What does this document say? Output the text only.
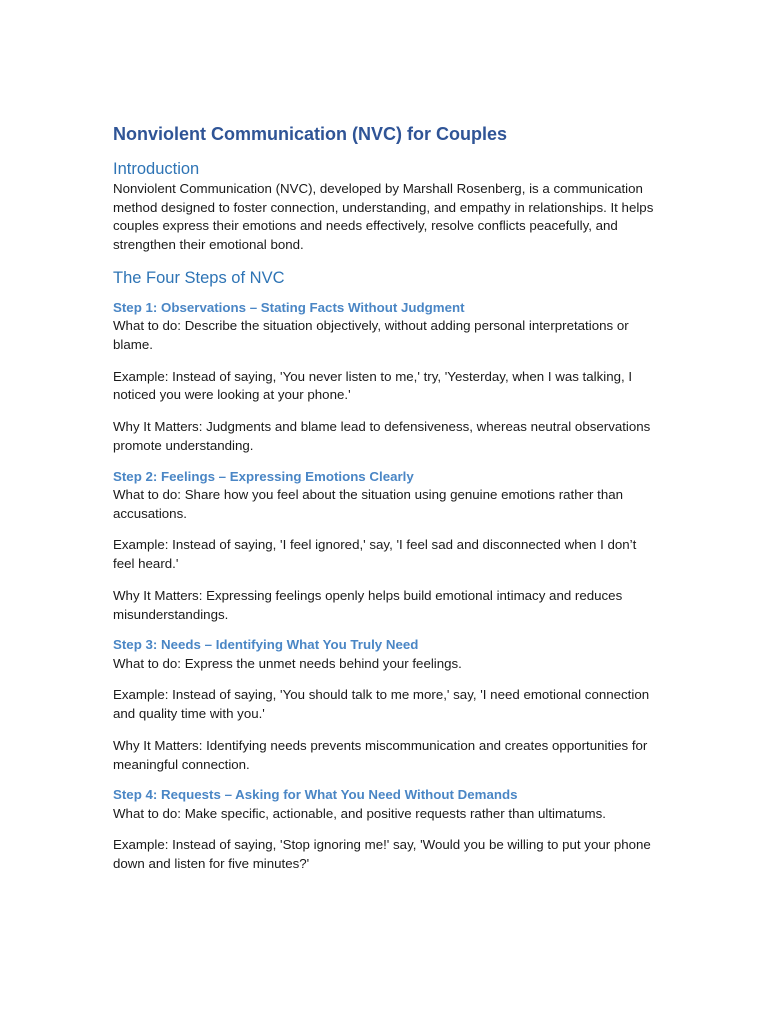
Nonviolent Communication (NVC) for Couples
Introduction

Nonviolent Communication (NVC), developed by Marshall Rosenberg, is a communication method designed to foster connection, understanding, and empathy in relationships. It helps couples express their emotions and needs effectively, resolve conflicts peacefully, and strengthen their emotional bond.

The Four Steps of NVC
Step 1: Observations – Stating Facts Without Judgment

What to do: Describe the situation objectively, without adding personal interpretations or blame.

Example: Instead of saying, 'You never listen to me,' try, 'Yesterday, when I was talking, I noticed you were looking at your phone.'

Why It Matters: Judgments and blame lead to defensiveness, whereas neutral observations promote understanding.

Step 2: Feelings – Expressing Emotions Clearly

What to do: Share how you feel about the situation using genuine emotions rather than accusations.

Example: Instead of saying, 'I feel ignored,' say, 'I feel sad and disconnected when I don’t feel heard.'

Why It Matters: Expressing feelings openly helps build emotional intimacy and reduces misunderstandings.

Step 3: Needs – Identifying What You Truly Need

What to do: Express the unmet needs behind your feelings.

Example: Instead of saying, 'You should talk to me more,' say, 'I need emotional connection and quality time with you.'

Why It Matters: Identifying needs prevents miscommunication and creates opportunities for meaningful connection.

Step 4: Requests – Asking for What You Need Without Demands

What to do: Make specific, actionable, and positive requests rather than ultimatums.

Example: Instead of saying, 'Stop ignoring me!' say, 'Would you be willing to put your phone down and listen for five minutes?'
